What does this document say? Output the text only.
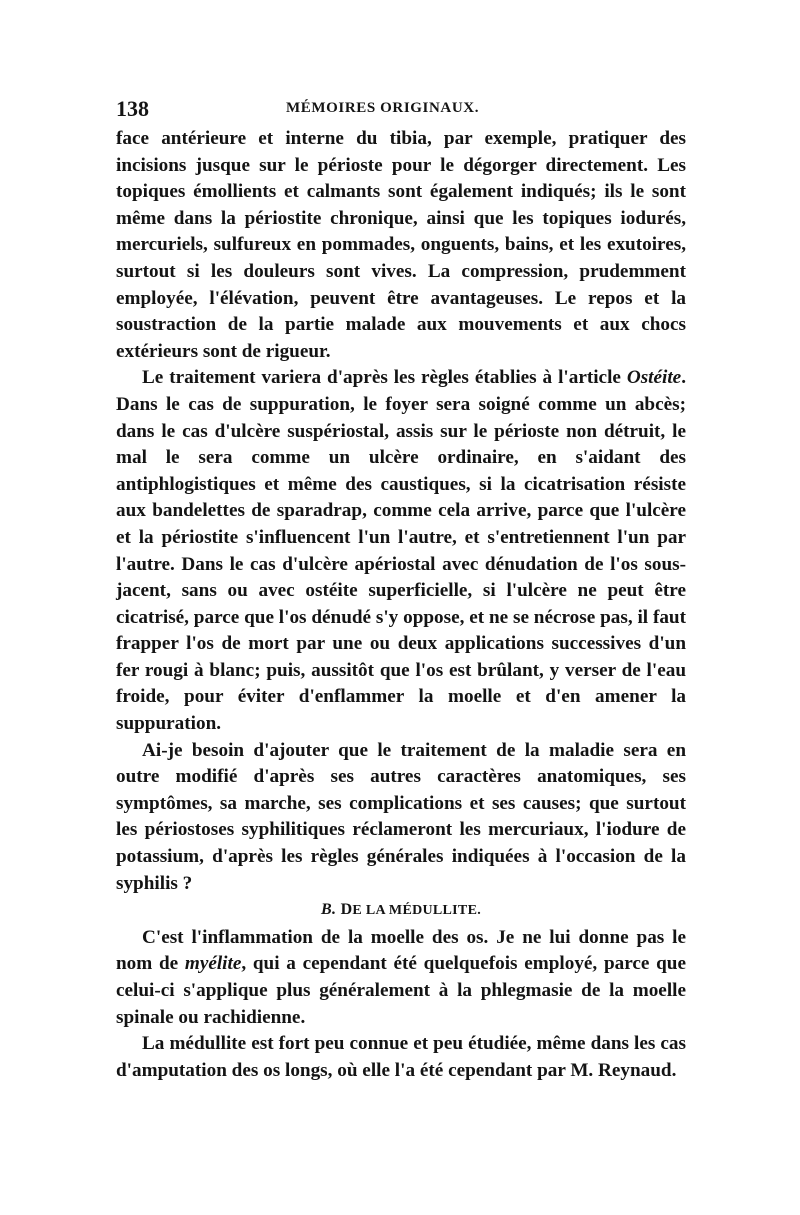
138	MÉMOIRES ORIGINAUX.

face antérieure et interne du tibia, par exemple, pratiquer des incisions jusque sur le périoste pour le dégorger directement. Les topiques émollients et calmants sont également indiqués; ils le sont même dans la périostite chronique, ainsi que les topiques iodurés, mercuriels, sulfureux en pommades, onguents, bains, et les exutoires, surtout si les douleurs sont vives. La compression, prudemment employée, l'élévation, peuvent être avantageuses. Le repos et la soustraction de la partie malade aux mouvements et aux chocs extérieurs sont de rigueur.

Le traitement variera d'après les règles établies à l'article Ostéite. Dans le cas de suppuration, le foyer sera soigné comme un abcès; dans le cas d'ulcère suspériostal, assis sur le périoste non détruit, le mal le sera comme un ulcère ordinaire, en s'aidant des antiphlogistiques et même des caustiques, si la cicatrisation résiste aux bandelettes de sparadrap, comme cela arrive, parce que l'ulcère et la périostite s'influencent l'un l'autre, et s'entretiennent l'un par l'autre. Dans le cas d'ulcère apériostal avec dénudation de l'os sous-jacent, sans ou avec ostéite superficielle, si l'ulcère ne peut être cicatrisé, parce que l'os dénudé s'y oppose, et ne se nécrose pas, il faut frapper l'os de mort par une ou deux applications successives d'un fer rougi à blanc; puis, aussitôt que l'os est brûlant, y verser de l'eau froide, pour éviter d'enflammer la moelle et d'en amener la suppuration.

Ai-je besoin d'ajouter que le traitement de la maladie sera en outre modifié d'après ses autres caractères anatomiques, ses symptômes, sa marche, ses complications et ses causes; que surtout les périostoses syphilitiques réclameront les mercuriaux, l'iodure de potassium, d'après les règles générales indiquées à l'occasion de la syphilis ?

B. DE LA MÉDULLITE.

C'est l'inflammation de la moelle des os. Je ne lui donne pas le nom de myélite, qui a cependant été quelquefois employé, parce que celui-ci s'applique plus généralement à la phlegmasie de la moelle spinale ou rachidienne.

La médullite est fort peu connue et peu étudiée, même dans les cas d'amputation des os longs, où elle l'a été cependant par M. Reynaud.
